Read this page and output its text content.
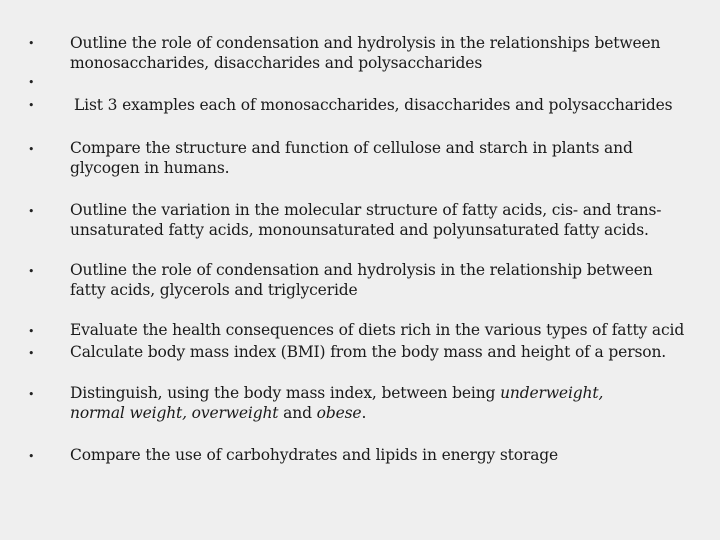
• Outline the role of condensation and hydrolysis in the relationships between monosaccharides, disaccharides and polysaccharides
•
•	List 3 examples each of monosaccharides, disaccharides and polysaccharides
• Compare the structure and function of cellulose and starch in plants and glycogen in humans.
• Outline the variation in the molecular structure of fatty acids, cis- and trans-unsaturated fatty acids, monounsaturated and polyunsaturated fatty acids.
• Outline the role of condensation and hydrolysis in the relationship between fatty acids, glycerols and triglyceride
• Evaluate the health consequences of diets rich in the various types of fatty acid
• Calculate body mass index (BMI) from the body mass and height of a person.
• Distinguish, using the body mass index, between being underweight, normal weight, overweight and obese.
• Compare the use of carbohydrates and lipids in energy storage
